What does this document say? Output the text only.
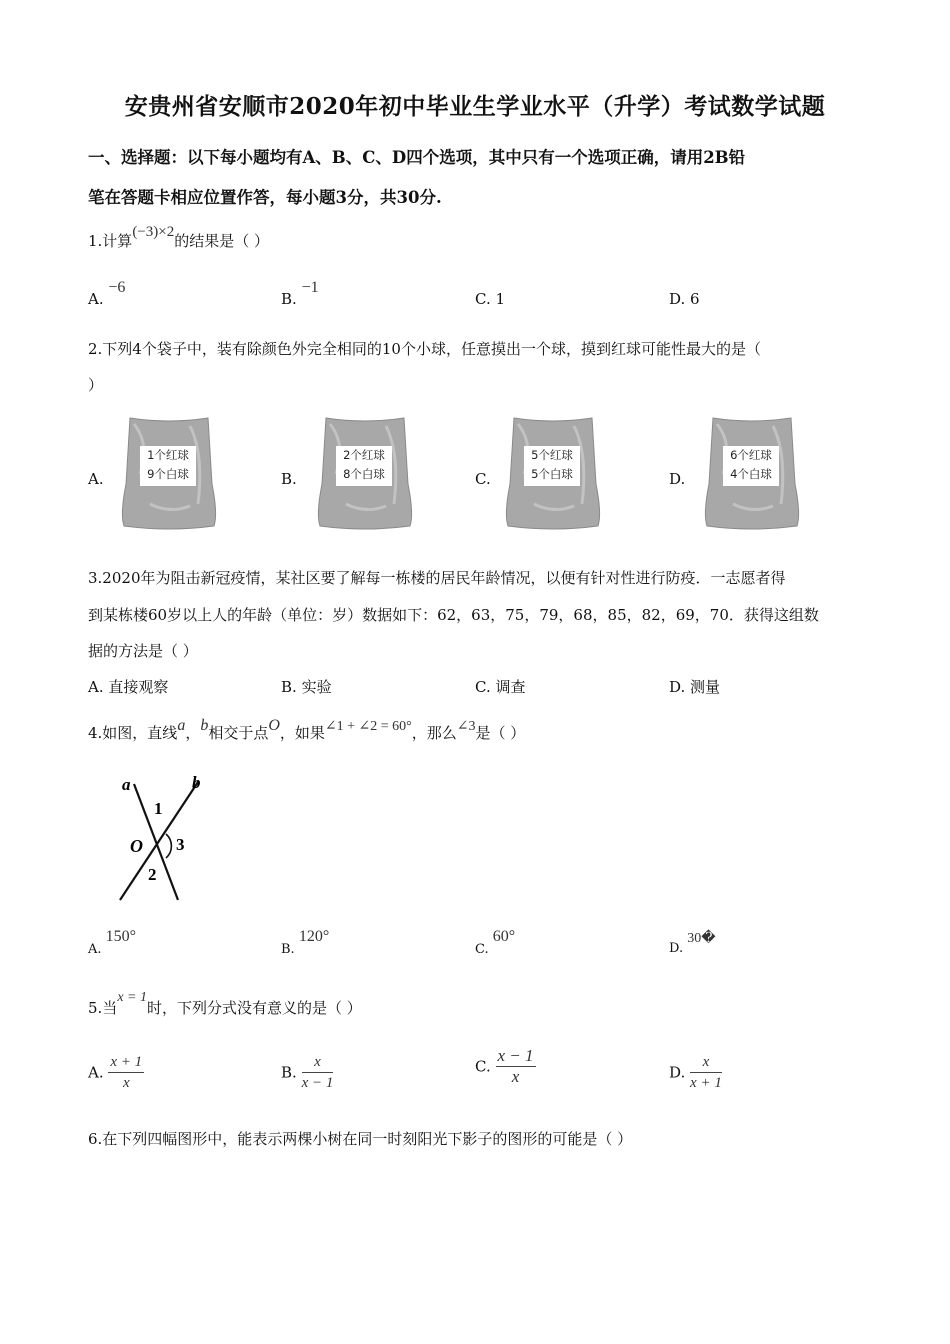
安贵州省安顺市2020年初中毕业生学业水平（升学）考试数学试题
一、选择题：以下每小题均有A、B、C、D四个选项，其中只有一个选项正确，请用2B铅
笔在答题卡相应位置作答，每小题3分，共30分.
1.计算(−3)×2的结果是（ ）
A. −6
B. −1
C. 1	D. 6
2.下列4个袋子中，装有除颜色外完全相同的10个小球，任意摸出一个球，摸到红球可能性最大的是（
）
A.	B.	C.	D.
1个红球
9个白球
2个红球
8个白球
5个红球
5个白球
6个红球
4个白球
3.2020年为阻击新冠疫情，某社区要了解每一栋楼的居民年龄情况，以便有针对性进行防疫．一志愿者得
到某栋楼60岁以上人的年龄（单位：岁）数据如下：62，63，75，79，68，85，82，69，70．获得这组数
据的方法是（ ）
A. 直接观察	B. 实验	C. 调查	D. 测量
4.如图，直线a，b相交于点O，如果∠1 + ∠2 = 60°，那么∠3是（ ）
a	b
1
O 3
2
A. 150°
B. 120°
C. 60°
D. 30�
5.当x = 1时，下列分式没有意义的是（ ）
A. $\frac{x + 1}{x}$	B. $\frac{x}{x - 1}$	C. $\frac{x - 1}{x}$	D. $\frac{x}{x + 1}$
6.在下列四幅图形中，能表示两棵小树在同一时刻阳光下影子的图形的可能是（ ）
